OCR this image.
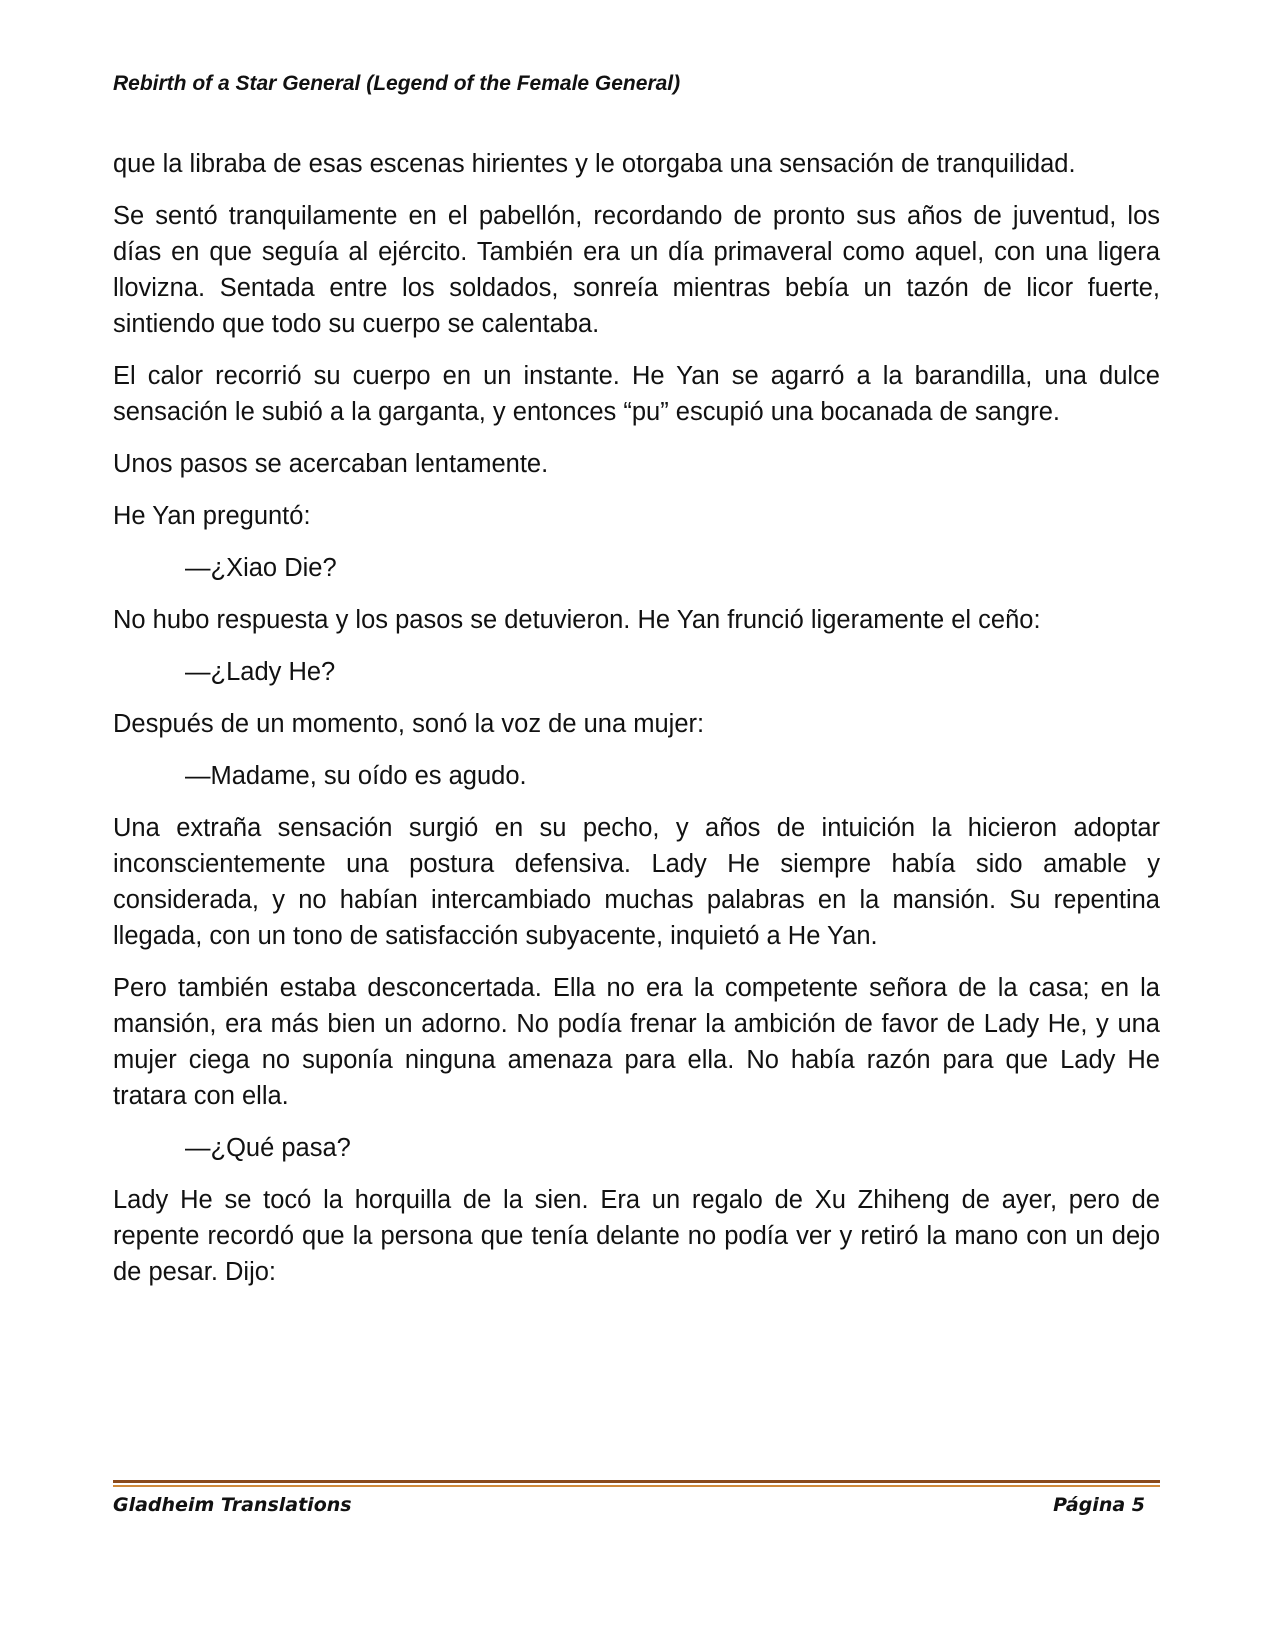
Rebirth of a Star General (Legend of the Female General)

que la libraba de esas escenas hirientes y le otorgaba una sensación de tranquilidad.

Se sentó tranquilamente en el pabellón, recordando de pronto sus años de juventud, los días en que seguía al ejército. También era un día primaveral como aquel, con una ligera llovizna. Sentada entre los soldados, sonreía mientras bebía un tazón de licor fuerte, sintiendo que todo su cuerpo se calentaba.

El calor recorrió su cuerpo en un instante. He Yan se agarró a la barandilla, una dulce sensación le subió a la garganta, y entonces “pu” escupió una bocanada de sangre.

Unos pasos se acercaban lentamente.

He Yan preguntó:

—¿Xiao Die?

No hubo respuesta y los pasos se detuvieron. He Yan frunció ligeramente el ceño:

—¿Lady He?

Después de un momento, sonó la voz de una mujer:

—Madame, su oído es agudo.

Una extraña sensación surgió en su pecho, y años de intuición la hicieron adoptar inconscientemente una postura defensiva. Lady He siempre había sido amable y considerada, y no habían intercambiado muchas palabras en la mansión. Su repentina llegada, con un tono de satisfacción subyacente, inquietó a He Yan.

Pero también estaba desconcertada. Ella no era la competente señora de la casa; en la mansión, era más bien un adorno. No podía frenar la ambición de favor de Lady He, y una mujer ciega no suponía ninguna amenaza para ella. No había razón para que Lady He tratara con ella.

—¿Qué pasa?

Lady He se tocó la horquilla de la sien. Era un regalo de Xu Zhiheng de ayer, pero de repente recordó que la persona que tenía delante no podía ver y retiró la mano con un dejo de pesar. Dijo:

Gladheim Translations	Página 5
